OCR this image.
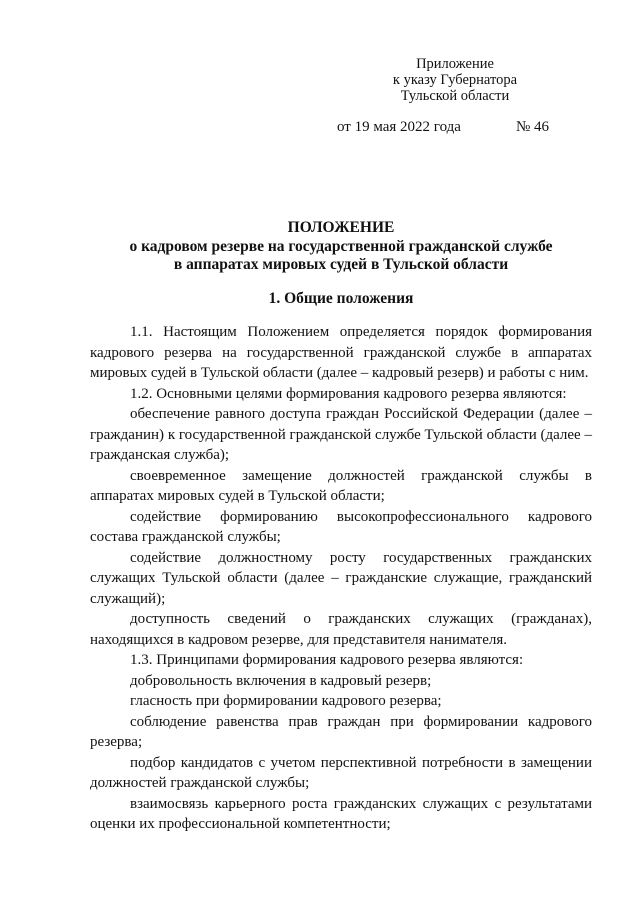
Приложение
к указу Губернатора
Тульской области
от 19 мая 2022 года	№ 46
ПОЛОЖЕНИЕ
о кадровом резерве на государственной гражданской службе
в аппаратах мировых судей в Тульской области
1. Общие положения

1.1. Настоящим Положением определяется порядок формирования кадрового резерва на государственной гражданской службе в аппаратах мировых судей в Тульской области (далее – кадровый резерв) и работы с ним.

1.2. Основными целями формирования кадрового резерва являются:

обеспечение равного доступа граждан Российской Федерации (далее – гражданин) к государственной гражданской службе Тульской области (далее – гражданская служба);

своевременное замещение должностей гражданской службы в аппаратах мировых судей в Тульской области;

содействие формированию высокопрофессионального кадрового состава гражданской службы;

содействие должностному росту государственных гражданских служащих Тульской области (далее – гражданские служащие, гражданский служащий);

доступность сведений о гражданских служащих (гражданах), находящихся в кадровом резерве, для представителя нанимателя.

1.3. Принципами формирования кадрового резерва являются:

добровольность включения в кадровый резерв;

гласность при формировании кадрового резерва;

соблюдение равенства прав граждан при формировании кадрового резерва;

подбор кандидатов с учетом перспективной потребности в замещении должностей гражданской службы;

взаимосвязь карьерного роста гражданских служащих с результатами оценки их профессиональной компетентности;
